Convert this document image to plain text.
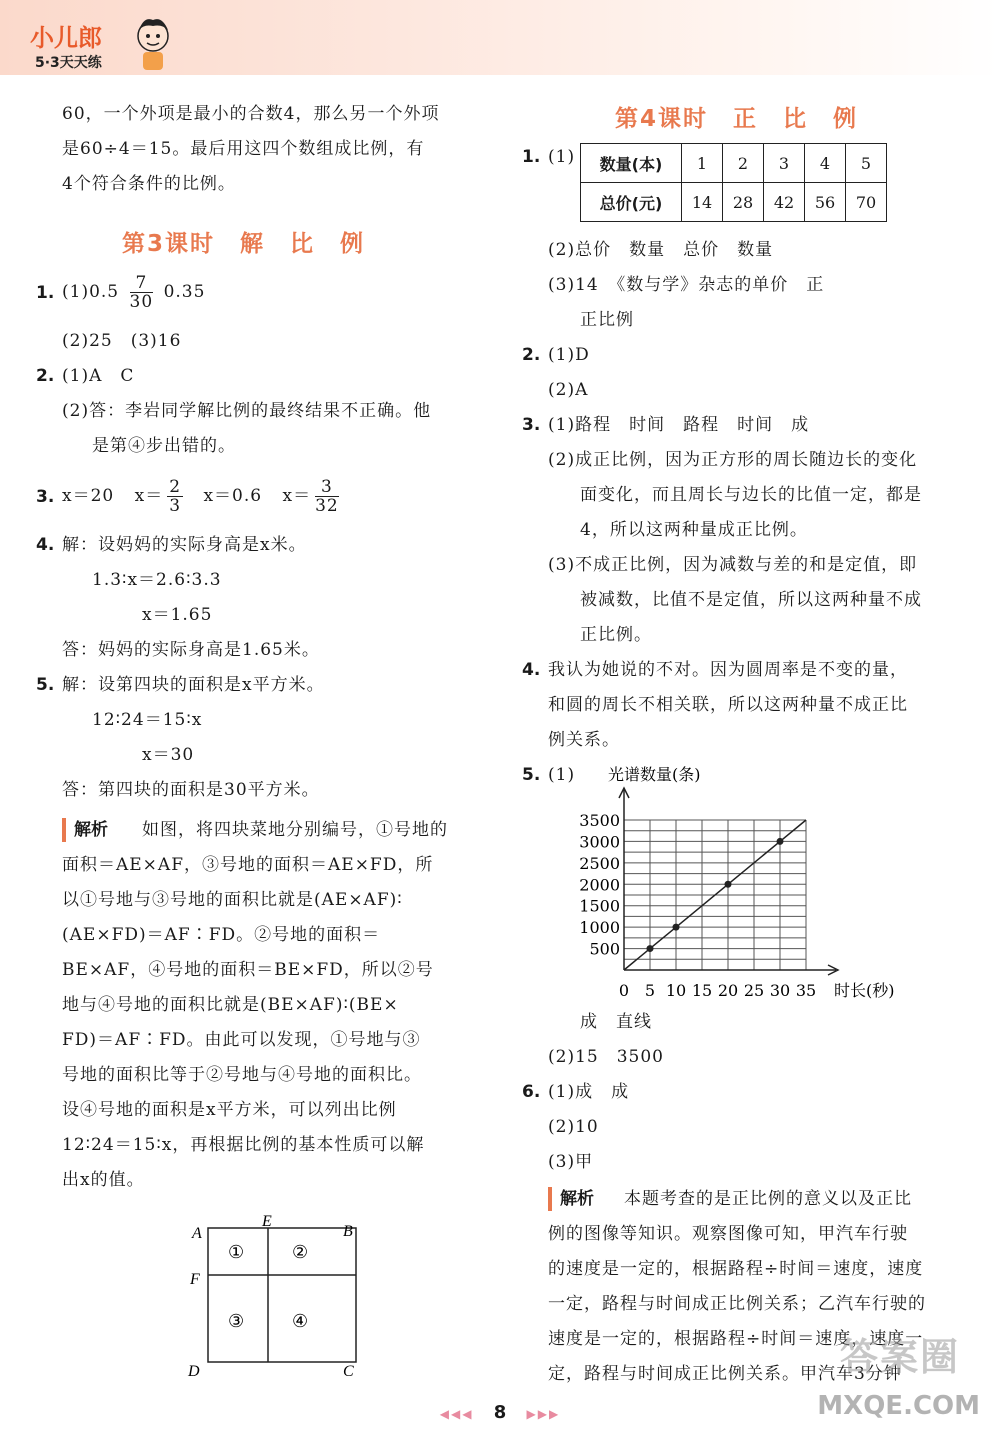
小儿郎
5·3天天练
60，一个外项是最小的合数4，那么另一个外项
是60÷4＝15。最后用这四个数组成比例，有
4个符合条件的比例。
第3课时　解　比　例
1. $(1)0.5 \frac{7}{30} 0.35$
(2)25　(3)16
2. (1)A　C
(2)答：李岩同学解比例的最终结果不正确。他
是第④步出错的。
3. x＝20 $x= \frac{2}{3} x=0.6$ $x= \frac{3}{32}$
4. 解：设妈妈的实际身高是x米。
1.3∶x＝2.6∶3.3
x＝1.65
答：妈妈的实际身高是1.65米。
5. 解：设第四块的面积是x平方米。
12∶24＝15∶x
x＝30
答：第四块的面积是30平方米。
解析 如图，将四块菜地分别编号，①号地的
面积＝AE×AF，③号地的面积＝AE×FD，所
以①号地与③号地的面积比就是(AE×AF)∶
(AE×FD)＝AF∶FD。②号地的面积＝
BE×AF，④号地的面积＝BE×FD，所以②号
地与④号地的面积比就是(BE×AF)∶(BE×
FD)＝AF∶FD。由此可以发现，①号地与③
号地的面积比等于②号地与④号地的面积比。
设④号地的面积是x平方米，可以列出比例
12∶24＝15∶x，再根据比例的基本性质可以解
出x的值。
A	B
C
D
E
F
①	②
③	④
第4课时　正　比　例
1. (1) 数量(本)	1	2	3	4	5
总价(元)	14	28	42	56	70
(2)总价　数量　总价　数量
(3)14　《数与学》杂志的单价　正
正比例
2. (1)D
(2)A
3. (1)路程　时间　路程　时间　成
(2)成正比例，因为正方形的周长随边长的变化
面变化，而且周长与边长的比值一定，都是
4，所以这两种量成正比例。
(3)不成正比例，因为减数与差的和是定值，即
被减数，比值不是定值，所以这两种量不成
正比例。
4. 我认为她说的不对。因为圆周率是不变的量，
和圆的周长不相关联，所以这两种量不成正比
例关系。
5. (1) 光谱数量(条)
0 5 10 15 20 25 30 35
500
1000
1500
2000
2500
3000
3500
时长(秒)
成　直线
(2)15　3500
6. (1)成　成
(2)10
(3)甲
解析 本题考查的是正比例的意义以及正比
例的图像等知识。观察图像可知，甲汽车行驶
的速度是一定的，根据路程÷时间＝速度，速度
一定，路程与时间成正比例关系；乙汽车行驶的
速度是一定的，根据路程÷时间＝速度，速度一
定，路程与时间成正比例关系。甲汽车3分钟
◀◀◀ 8 ▶▶▶
答案圈
MXQE.COM
